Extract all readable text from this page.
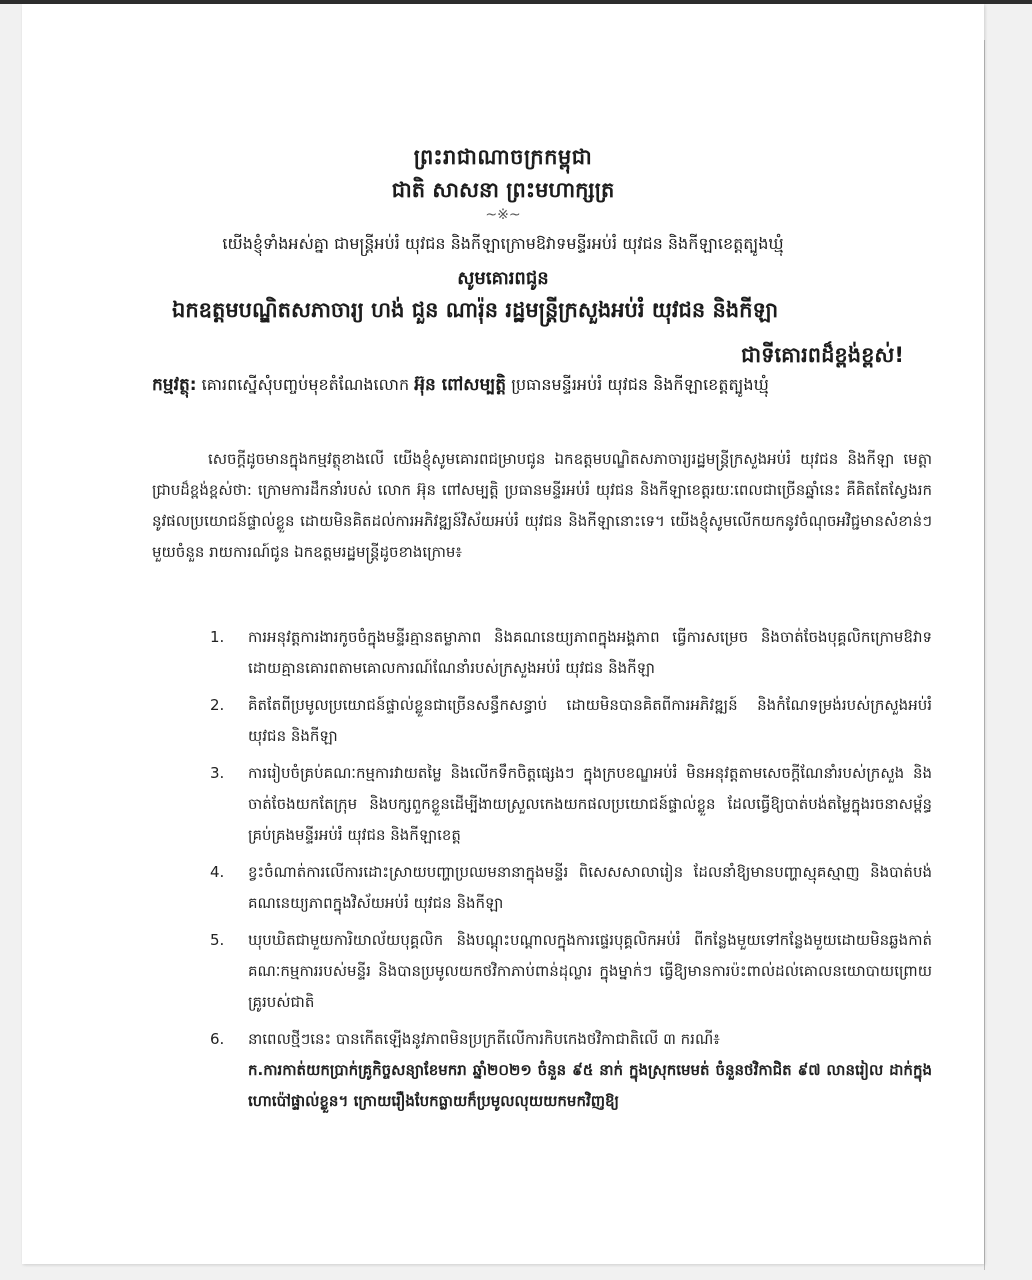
ព្រះរាជាណាចក្រកម្ពុជា
ជាតិ សាសនា ព្រះមហាក្សត្រ
~※~
យើងខ្ញុំទាំងអស់គ្នា ជាមន្ត្រីអប់រំ យុវជន និងកីឡាក្រោមឱវាទមន្ទីរអប់រំ យុវជន និងកីឡាខេត្តត្បូងឃ្មុំ
សូមគោរពជូន
ឯកឧត្តមបណ្ឌិតសភាចារ្យ ហង់ ជួន ណារ៉ុន រដ្ឋមន្ត្រីក្រសួងអប់រំ យុវជន និងកីឡា
ជាទីគោរពដ៏ខ្ពង់ខ្ពស់!
កម្មវត្ថុ: គោរពស្នើសុំបញ្ចប់មុខតំណែងលោក អ៊ុន ពៅសម្បត្តិ ប្រធានមន្ទីរអប់រំ យុវជន និងកីឡាខេត្តត្បូងឃ្មុំ
សេចក្តីដូចមានក្នុងកម្មវត្ថុខាងលើ យើងខ្ញុំសូមគោរពជម្រាបជូន ឯកឧត្តមបណ្ឌិតសភាចារ្យរដ្ឋមន្ត្រីក្រសួងអប់រំ យុវជន និងកីឡា មេត្តាជ្រាបដ៏ខ្ពង់ខ្ពស់ថា: ក្រោមការដឹកនាំរបស់ លោក អ៊ុន ពៅសម្បត្តិ ប្រធានមន្ទីរអប់រំ យុវជន និងកីឡាខេត្តរយៈពេលជាច្រើនឆ្នាំនេះ គឺគិតតែស្វែងរក នូវផលប្រយោជន៍ផ្ទាល់ខ្លួន ដោយមិនគិតដល់ការអភិវឌ្ឍន៍វិស័យអប់រំ យុវជន និងកីឡានោះទេ។ យើងខ្ញុំសូមលើកយកនូវចំណុចអវិជ្ជមានសំខាន់ៗមួយចំនួន រាយការណ៍ជូន ឯកឧត្តមរដ្ឋមន្ត្រីដូចខាងក្រោម៖
1. ការអនុវត្តការងារកូចចំក្នុងមន្ទីរគ្មានតម្លាភាព និងគណនេយ្យភាពក្នុងអង្គភាព ធ្វើការសម្រេច និងចាត់ចែងបុគ្គលិកក្រោមឱវាទ ដោយគ្មានគោរពតាមគោលការណ៍ណែនាំរបស់ក្រសួងអប់រំ យុវជន និងកីឡា
2. គិតតែពីប្រមូលប្រយោជន៍ផ្ទាល់ខ្លួនជាច្រើនសន្ធឹកសន្ធាប់ ដោយមិនបានគិតពីការអភិវឌ្ឍន៍ និងកំណែទម្រង់របស់ក្រសួងអប់រំ យុវជន និងកីឡា
3. ការរៀបចំគ្រប់គណៈកម្មការវាយតម្លៃ និងលើកទឹកចិត្តផ្សេងៗ ក្នុងក្របខណ្ឌអប់រំ មិនអនុវត្តតាមសេចក្តីណែនាំរបស់ក្រសួង និងចាត់ចែងយកតែក្រុម និងបក្សពួកខ្លួនដើម្បីងាយស្រួលកេងយកផលប្រយោជន៍ផ្ទាល់ខ្លួន ដែលធ្វើឱ្យបាត់បង់តម្លៃក្នុងរចនាសម្ព័ន្ធគ្រប់គ្រងមន្ទីរអប់រំ យុវជន និងកីឡាខេត្ត
4. ខ្វះចំណាត់ការលើការដោះស្រាយបញ្ហាប្រឈមនានាក្នុងមន្ទីរ ពិសេសសាលារៀន ដែលនាំឱ្យមានបញ្ហាស្មុគស្មាញ និងបាត់បង់គណនេយ្យភាពក្នុងវិស័យអប់រំ យុវជន និងកីឡា
5. ឃុបឃិតជាមួយការិយាល័យបុគ្គលិក និងបណ្តុះបណ្តាលក្នុងការផ្ទេរបុគ្គលិកអប់រំ ពីកន្លែងមួយទៅកន្លែងមួយដោយមិនឆ្លងកាត់គណៈកម្មការរបស់មន្ទីរ និងបានប្រមូលយកថវិកាភាប់ពាន់ដុល្លារ ក្នុងម្នាក់ៗ ធ្វើឱ្យមានការប៉ះពាល់ដល់គោលនយោបាយព្រោយគ្រូរបស់ជាតិ
6. នាពេលថ្មីៗនេះ បានកើតឡើងនូវភាពមិនប្រក្រតីលើការកិបកេងថវិកាជាតិលើ ៣ ករណី៖
ក.ការកាត់យកប្រាក់គ្រូកិច្ចសន្យាខែមករា ឆ្នាំ២០២១ ចំនួន ៩៥ នាក់ ក្នុងស្រុកមេមត់ ចំនួនថវិកាជិត ៩៧ លានរៀល ដាក់ក្នុងហោប៉ៅផ្ទាល់ខ្លួន។ ក្រោយរឿងបែកធ្លាយក៏ប្រមូលលុយយកមកវិញឱ្យ
